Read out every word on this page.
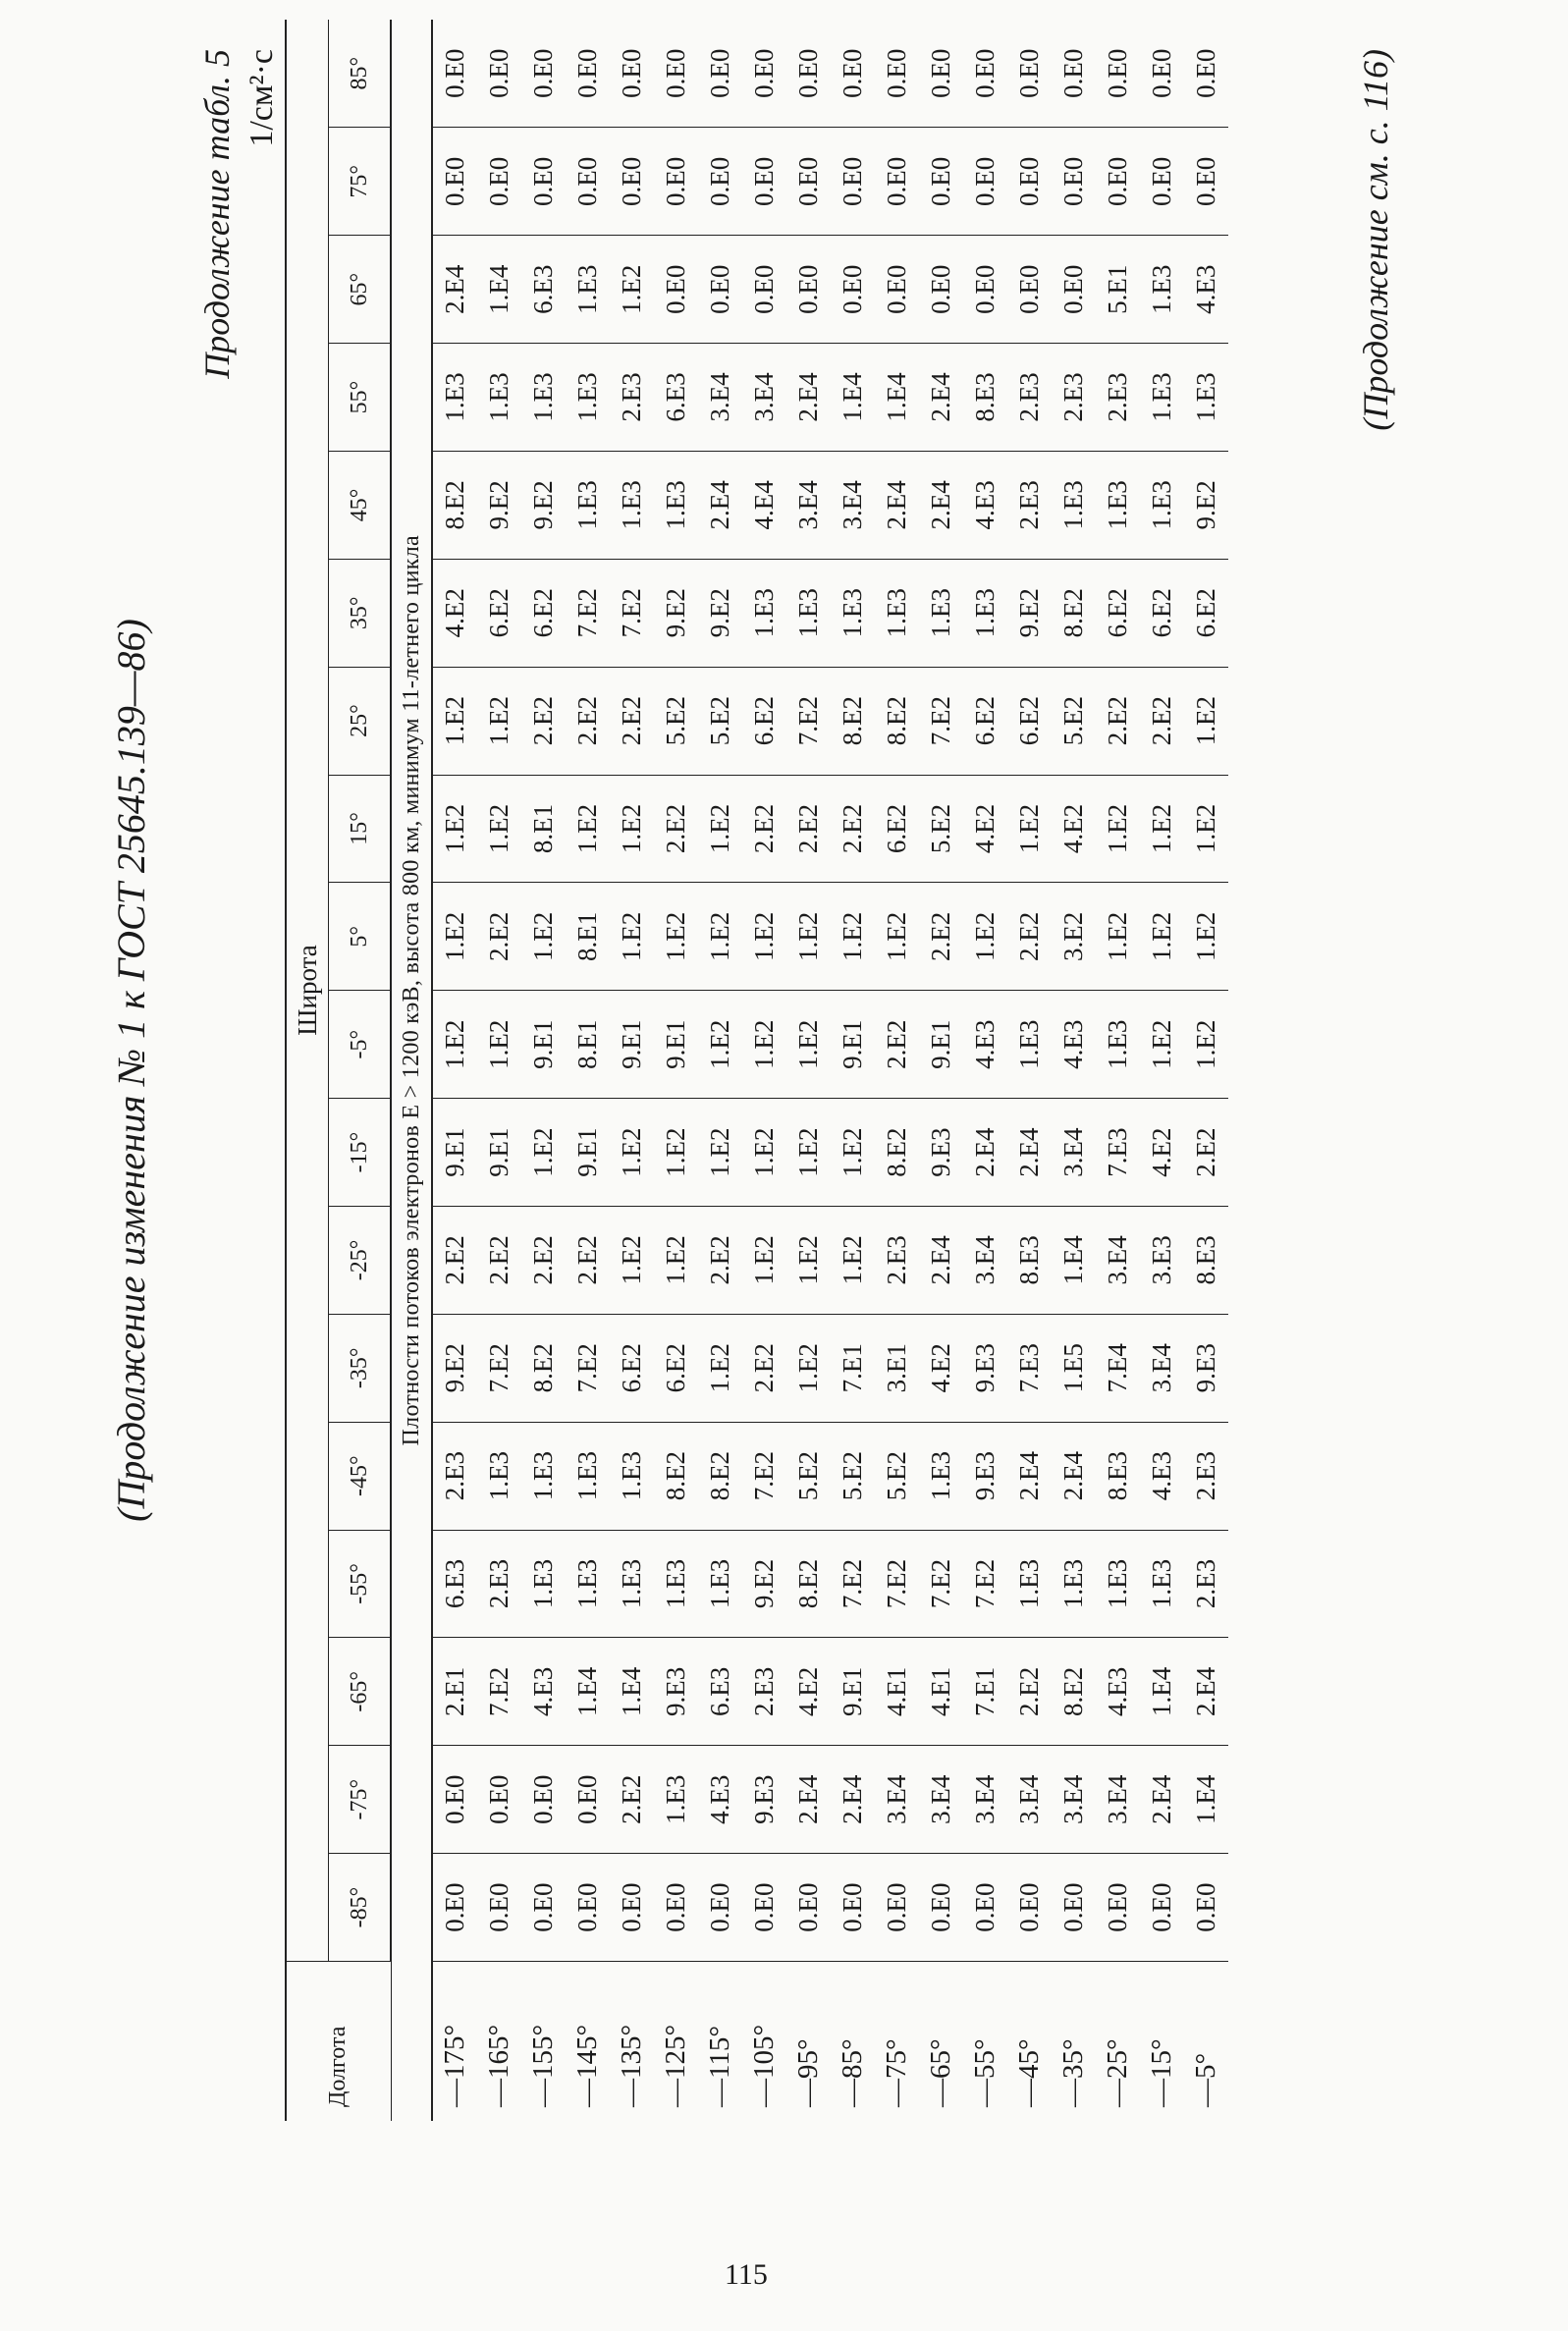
(Продолжение изменения № 1 к ГОСТ 25645.139—86)
Продолжение табл. 5 1/см²·с
Долгота	Широта																	
	-85°	-75°	-65°	-55°	-45°	-35°	-25°	-15°	-5°	5°	15°	25°	35°	45°	55°	65°	75°	85°
	Плотности потоков электронов E > 1200 кэВ, высота 800 км, минимум 11-летнего цикла																	
—175°	0.E0	0.E0	2.E1	6.E3	2.E3	9.E2	2.E2	9.E1	1.E2	1.E2	1.E2	1.E2	4.E2	8.E2	1.E3	2.E4	0.E0	0.E0
—165°	0.E0	0.E0	7.E2	2.E3	1.E3	7.E2	2.E2	9.E1	1.E2	2.E2	1.E2	1.E2	6.E2	9.E2	1.E3	1.E4	0.E0	0.E0
—155°	0.E0	0.E0	4.E3	1.E3	1.E3	8.E2	2.E2	1.E2	9.E1	1.E2	8.E1	2.E2	6.E2	9.E2	1.E3	6.E3	0.E0	0.E0
—145°	0.E0	0.E0	1.E4	1.E3	1.E3	7.E2	2.E2	9.E1	8.E1	8.E1	1.E2	2.E2	7.E2	1.E3	1.E3	1.E3	0.E0	0.E0
—135°	0.E0	2.E2	1.E4	1.E3	1.E3	6.E2	1.E2	1.E2	9.E1	1.E2	1.E2	2.E2	7.E2	1.E3	2.E3	1.E2	0.E0	0.E0
—125°	0.E0	1.E3	9.E3	1.E3	8.E2	6.E2	1.E2	1.E2	9.E1	1.E2	2.E2	5.E2	9.E2	1.E3	6.E3	0.E0	0.E0	0.E0
—115°	0.E0	4.E3	6.E3	1.E3	8.E2	1.E2	2.E2	1.E2	1.E2	1.E2	1.E2	5.E2	9.E2	2.E4	3.E4	0.E0	0.E0	0.E0
—105°	0.E0	9.E3	2.E3	9.E2	7.E2	2.E2	1.E2	1.E2	1.E2	1.E2	2.E2	6.E2	1.E3	4.E4	3.E4	0.E0	0.E0	0.E0
—95°	0.E0	2.E4	4.E2	8.E2	5.E2	1.E2	1.E2	1.E2	1.E2	1.E2	2.E2	7.E2	1.E3	3.E4	2.E4	0.E0	0.E0	0.E0
—85°	0.E0	2.E4	9.E1	7.E2	5.E2	7.E1	1.E2	1.E2	9.E1	1.E2	2.E2	8.E2	1.E3	3.E4	1.E4	0.E0	0.E0	0.E0
—75°	0.E0	3.E4	4.E1	7.E2	5.E2	3.E1	2.E3	8.E2	2.E2	1.E2	6.E2	8.E2	1.E3	2.E4	1.E4	0.E0	0.E0	0.E0
—65°	0.E0	3.E4	4.E1	7.E2	1.E3	4.E2	2.E4	9.E3	9.E1	2.E2	5.E2	7.E2	1.E3	2.E4	2.E4	0.E0	0.E0	0.E0
—55°	0.E0	3.E4	7.E1	7.E2	9.E3	9.E3	3.E4	2.E4	4.E3	1.E2	4.E2	6.E2	1.E3	4.E3	8.E3	0.E0	0.E0	0.E0
—45°	0.E0	3.E4	2.E2	1.E3	2.E4	7.E3	8.E3	2.E4	1.E3	2.E2	1.E2	6.E2	9.E2	2.E3	2.E3	0.E0	0.E0	0.E0
—35°	0.E0	3.E4	8.E2	1.E3	2.E4	1.E5	1.E4	3.E4	4.E3	3.E2	4.E2	5.E2	8.E2	1.E3	2.E3	0.E0	0.E0	0.E0
—25°	0.E0	3.E4	4.E3	1.E3	8.E3	7.E4	3.E4	7.E3	1.E3	1.E2	1.E2	2.E2	6.E2	1.E3	2.E3	5.E1	0.E0	0.E0
—15°	0.E0	2.E4	1.E4	1.E3	4.E3	3.E4	3.E3	4.E2	1.E2	1.E2	1.E2	2.E2	6.E2	1.E3	1.E3	1.E3	0.E0	0.E0
—5°	0.E0	1.E4	2.E4	2.E3	2.E3	9.E3	8.E3	2.E2	1.E2	1.E2	1.E2	1.E2	6.E2	9.E2	1.E3	4.E3	0.E0	0.E0	(Продолжение см. с. 116)
115
